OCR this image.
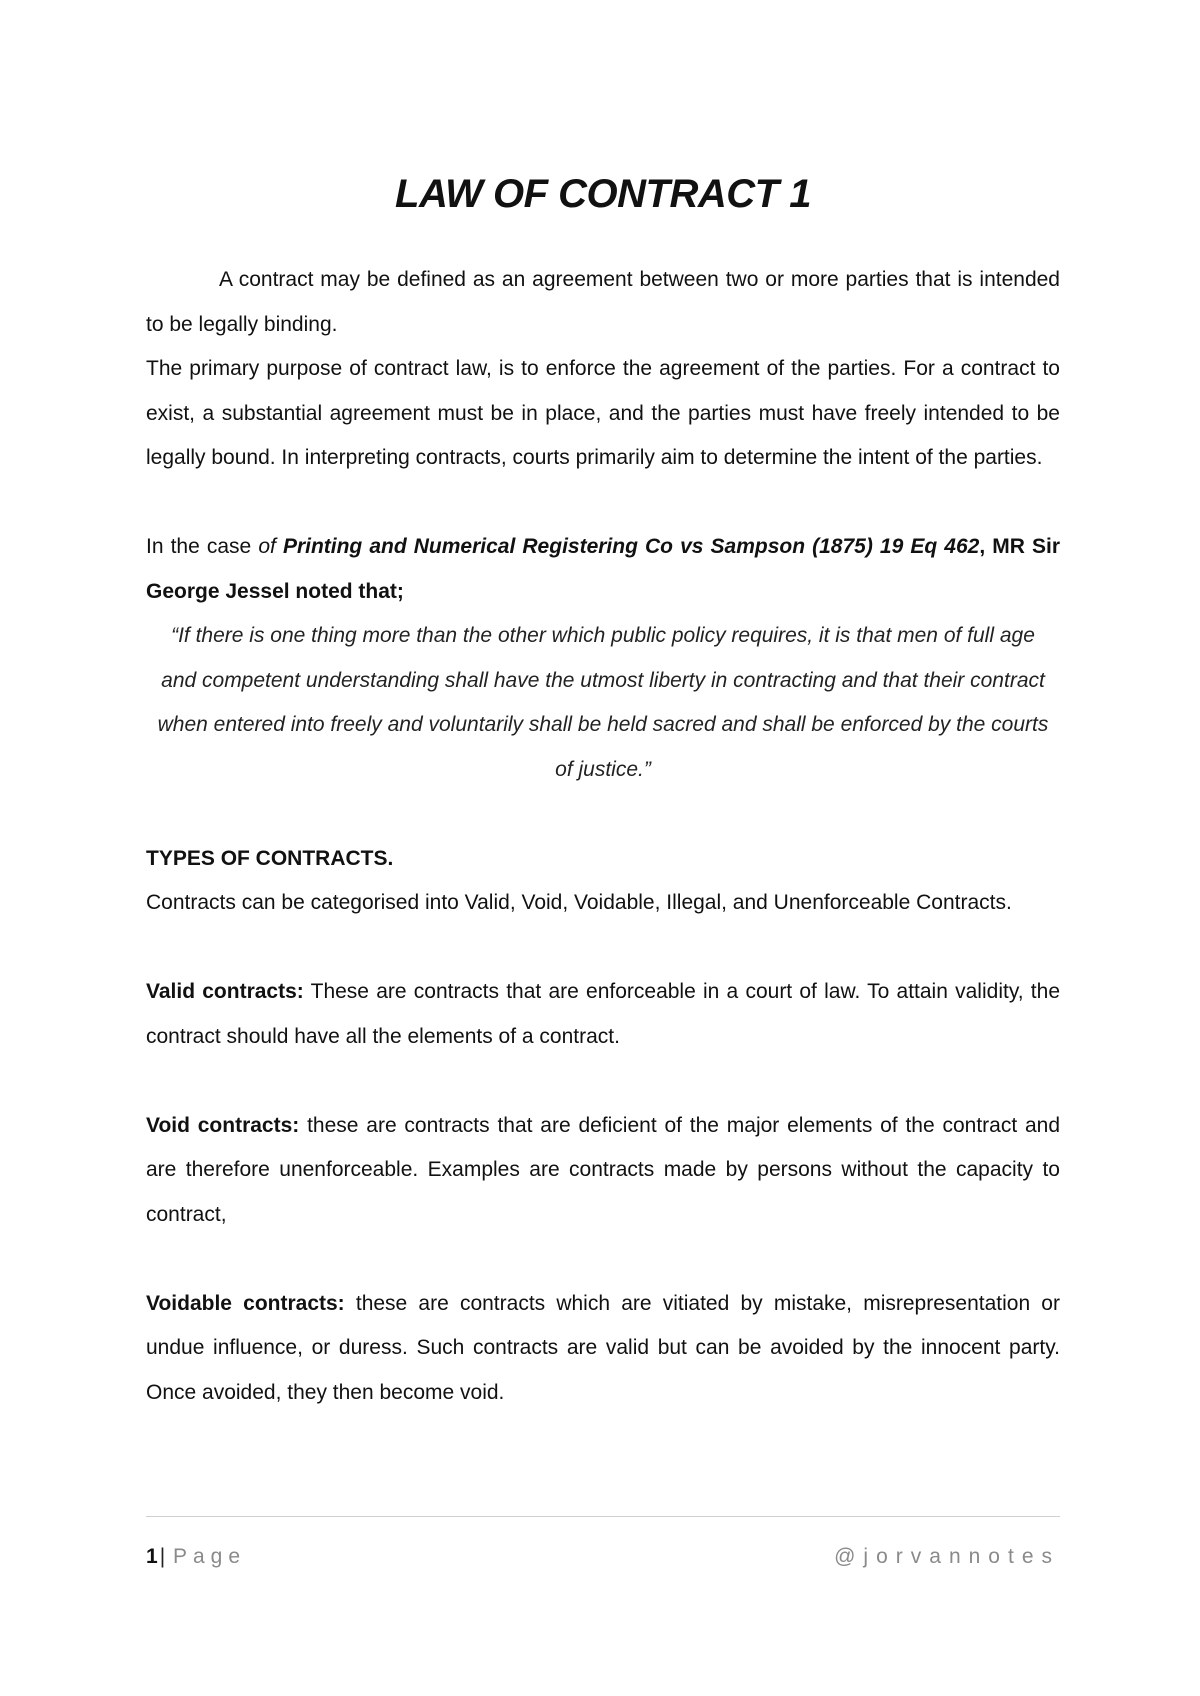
LAW OF CONTRACT 1

A contract may be defined as an agreement between two or more parties that is intended to be legally binding.

The primary purpose of contract law, is to enforce the agreement of the parties. For a contract to exist, a substantial agreement must be in place, and the parties must have freely intended to be legally bound. In interpreting contracts, courts primarily aim to determine the intent of the parties.

In the case of Printing and Numerical Registering Co vs Sampson (1875) 19 Eq 462, MR Sir George Jessel noted that;

“If there is one thing more than the other which public policy requires, it is that men of full age and competent understanding shall have the utmost liberty in contracting and that their contract when entered into freely and voluntarily shall be held sacred and shall be enforced by the courts of justice.”

TYPES OF CONTRACTS.

Contracts can be categorised into Valid, Void, Voidable, Illegal, and Unenforceable Contracts.

Valid contracts: These are contracts that are enforceable in a court of law. To attain validity, the contract should have all the elements of a contract.

Void contracts: these are contracts that are deficient of the major elements of the contract and are therefore unenforceable. Examples are contracts made by persons without the capacity to contract,

Voidable contracts: these are contracts which are vitiated by mistake, misrepresentation or undue influence, or duress. Such contracts are valid but can be avoided by the innocent party. Once avoided, they then become void.

1| Page	@jorvannotes
